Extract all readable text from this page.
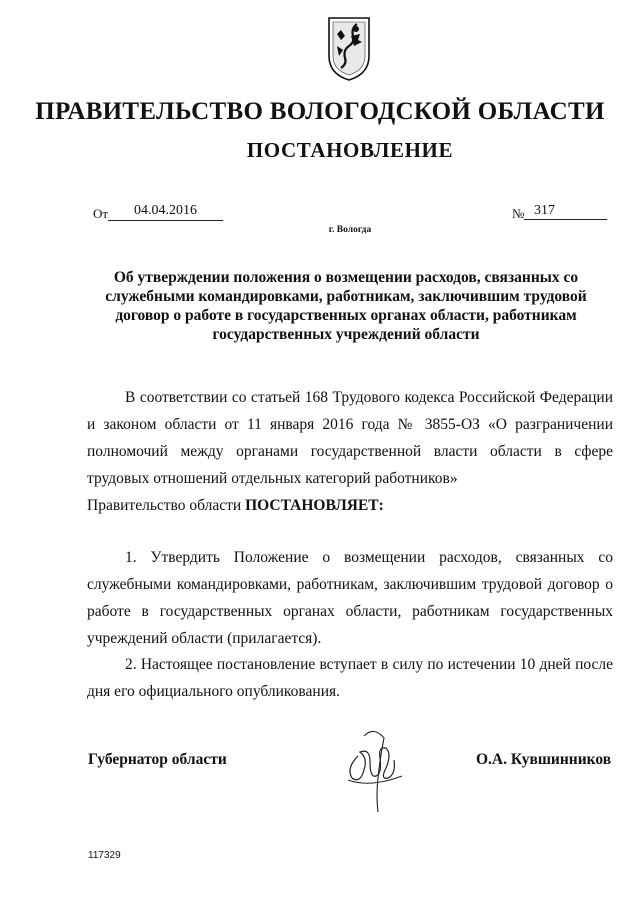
ПРАВИТЕЛЬСТВО ВОЛОГОДСКОЙ ОБЛАСТИ
ПОСТАНОВЛЕНИЕ
От	04.04.2016	№ 317
г. Вологда
Об утверждении положения о возмещении расходов, связанных со служебными командировками, работникам, заключившим трудовой договор о работе в государственных органах области, работникам государственных учреждений области

В соответствии со статьей 168 Трудового кодекса Российской Федерации и законом области от 11 января 2016 года № 3855-ОЗ «О разграничении полномочий между органами государственной власти области в сфере трудовых отношений отдельных категорий работников»

Правительство области ПОСТАНОВЛЯЕТ:

1. Утвердить Положение о возмещении расходов, связанных со служебными командировками, работникам, заключившим трудовой договор о работе в государственных органах области, работникам государственных учреждений области (прилагается).

2. Настоящее постановление вступает в силу по истечении 10 дней после дня его официального опубликования.

Губернатор области	О.А. Кувшинников
117329
